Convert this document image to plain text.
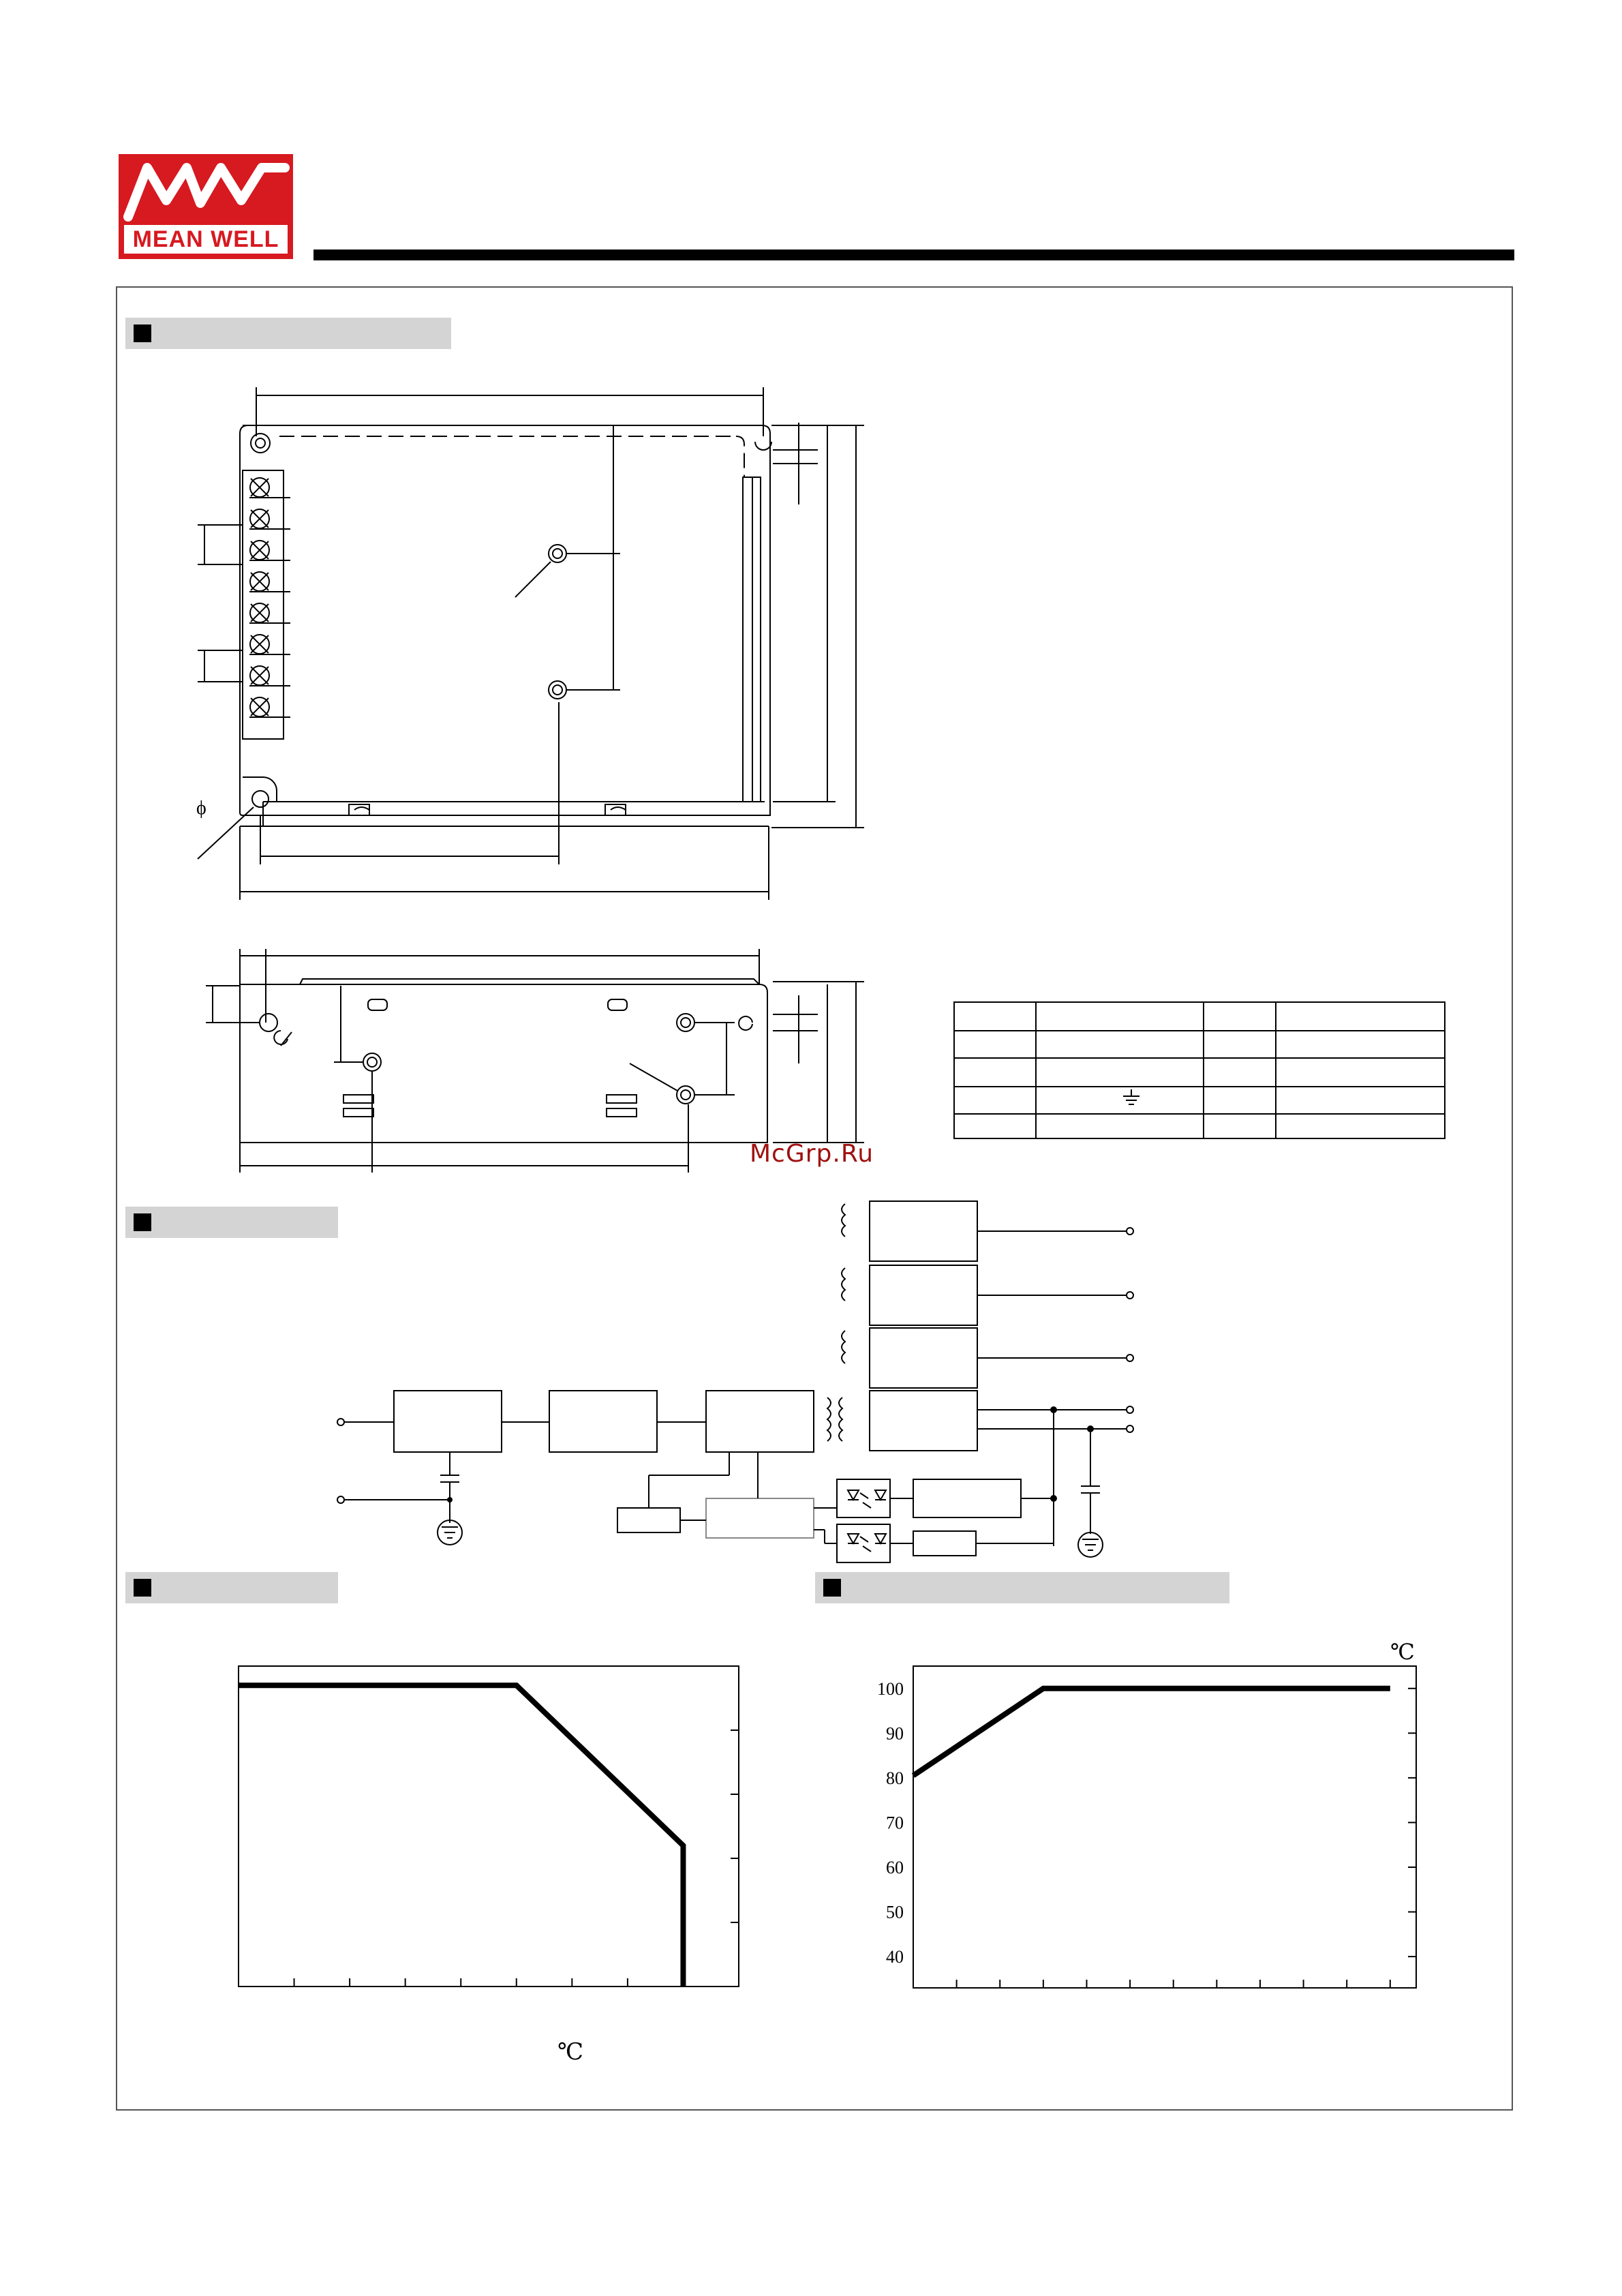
MEAN WELL
ϕ
℃
100
90
80
70
60
50
40
℃
McGrp.Ru
